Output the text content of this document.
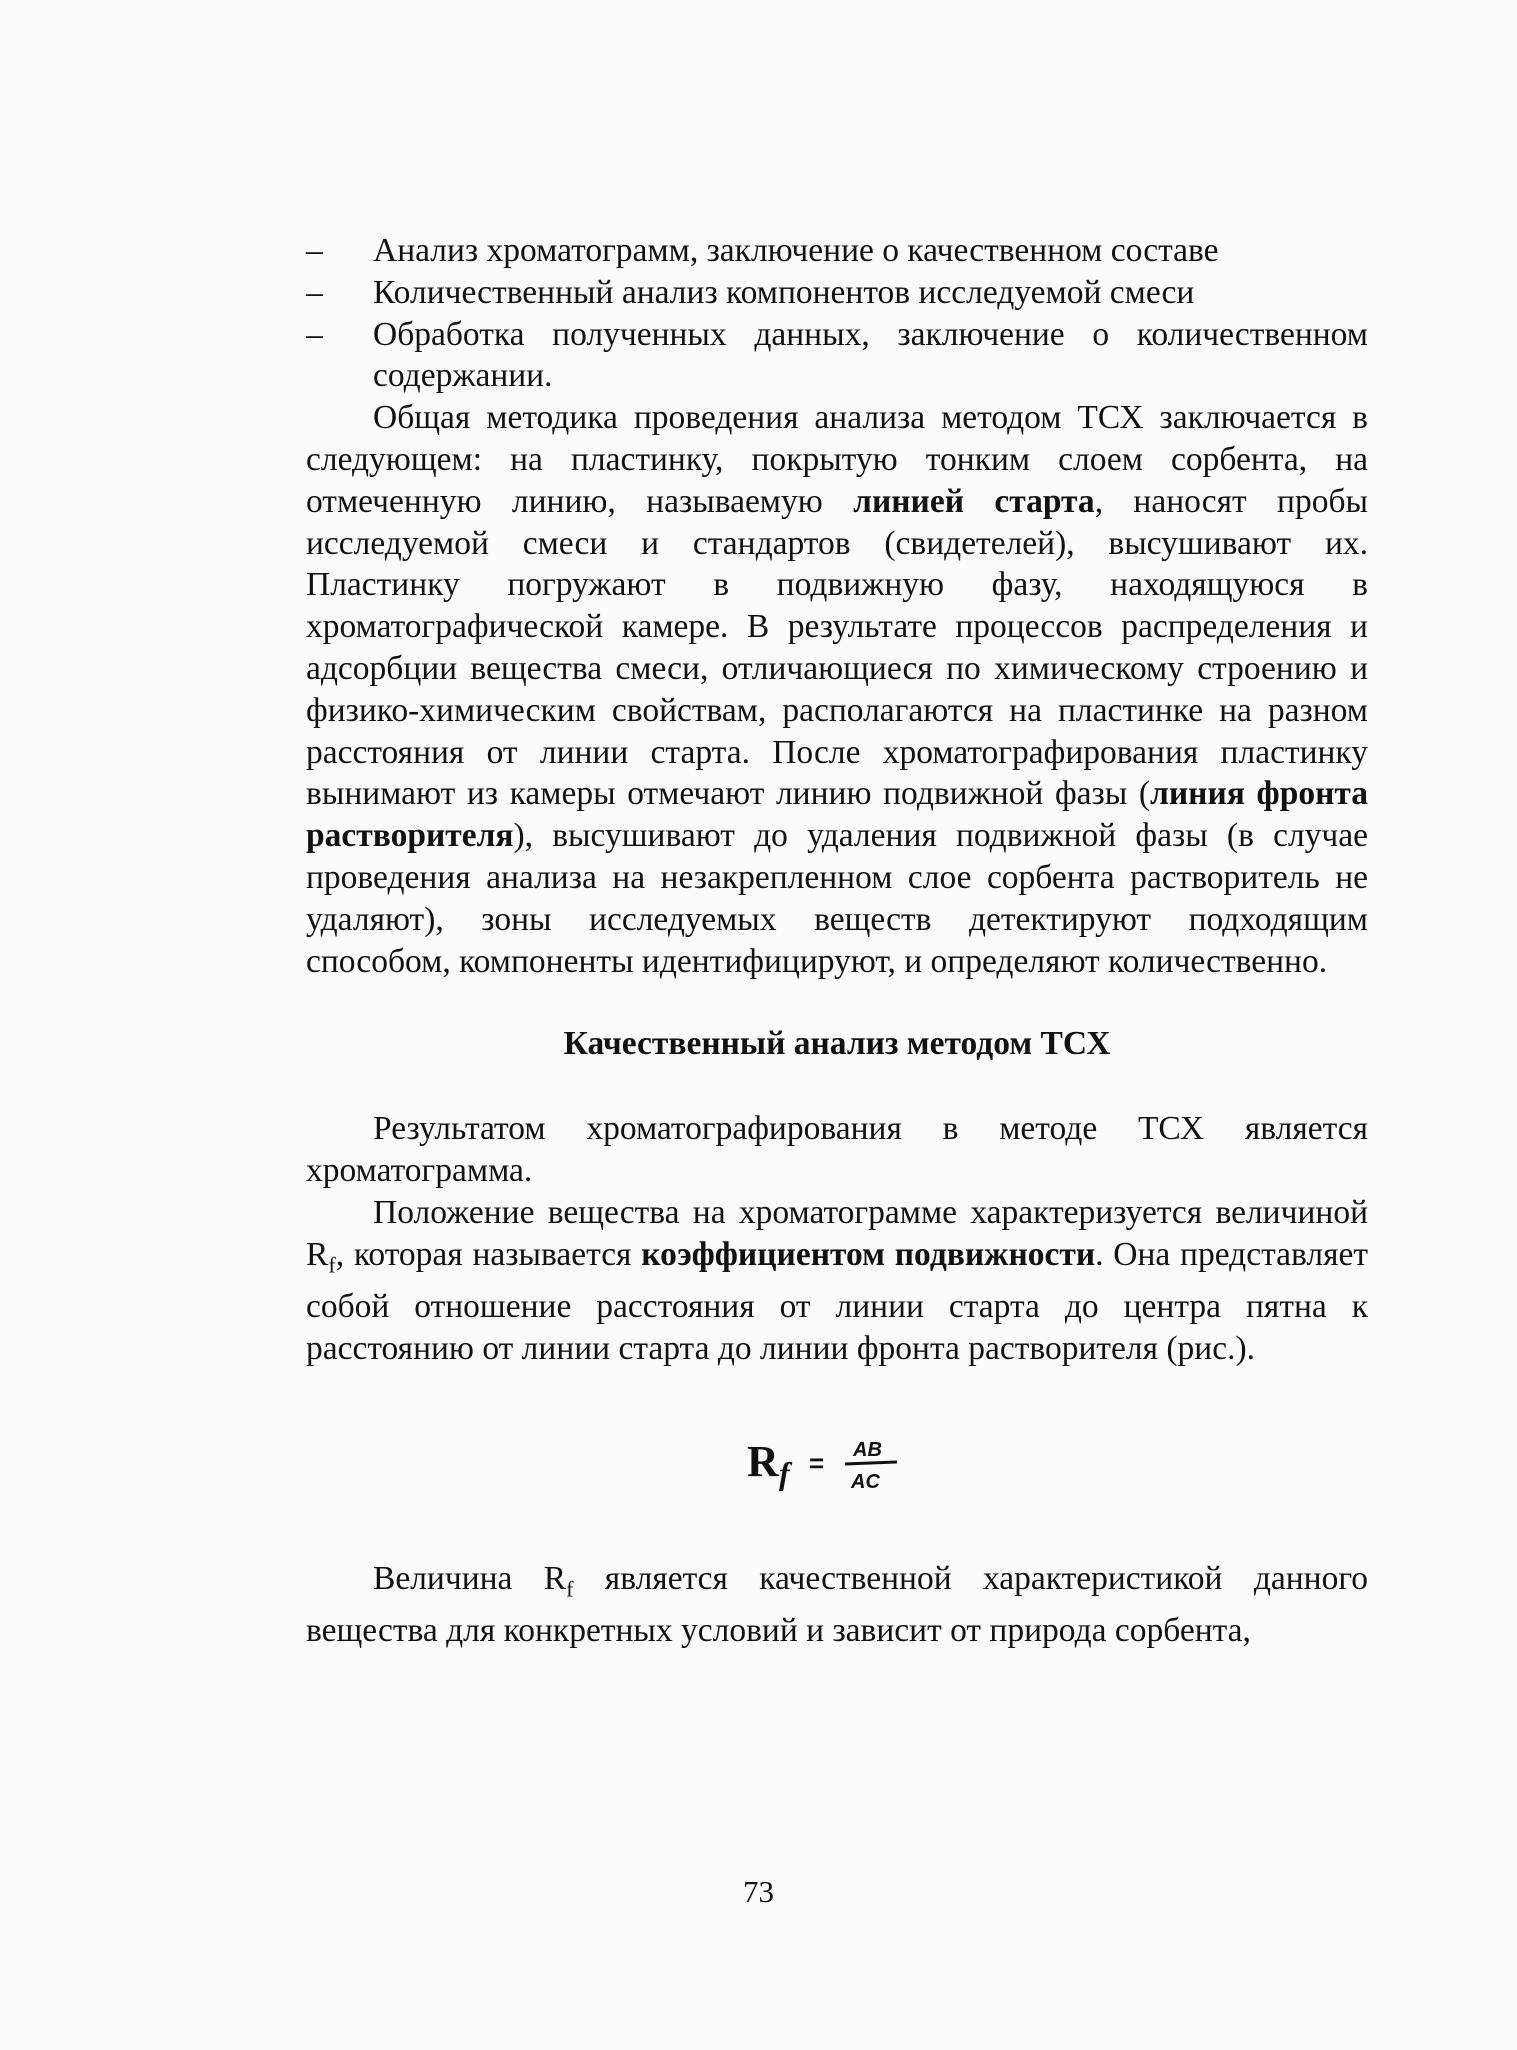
– Анализ хроматограмм, заключение о качественном составе
– Количественный анализ компонентов исследуемой смеси
– Обработка полученных данных, заключение о количественном содержании.

Общая методика проведения анализа методом ТСХ заключается в следующем: на пластинку, покрытую тонким слоем сорбента, на отмеченную линию, называемую линией старта, наносят пробы исследуемой смеси и стандартов (свидетелей), высушивают их. Пластинку погружают в подвижную фазу, находящуюся в хроматографической камере. В результате процессов распределения и адсорбции вещества смеси, отличающиеся по химическому строению и физико-химическим свойствам, располагаются на пластинке на разном расстояния от линии старта. После хроматографирования пластинку вынимают из камеры отмечают линию подвижной фазы (линия фронта растворителя), высушивают до удаления подвижной фазы (в случае проведения анализа на незакрепленном слое сорбента растворитель не удаляют), зоны исследуемых веществ детектируют подходящим способом, компоненты идентифицируют, и определяют количественно.

Качественный анализ методом ТСХ

Результатом хроматографирования в методе ТСХ является хроматограмма.

Положение вещества на хроматограмме характеризуется величиной $R_f$, которая называется коэффициентом подвижности. Она представляет собой отношение расстояния от линии старта до центра пятна к расстоянию от линии старта до линии фронта растворителя (рис.).

R f = AB
AC

Величина $R_f$ является качественной характеристикой данного вещества для конкретных условий и зависит от природа сорбента,

73
